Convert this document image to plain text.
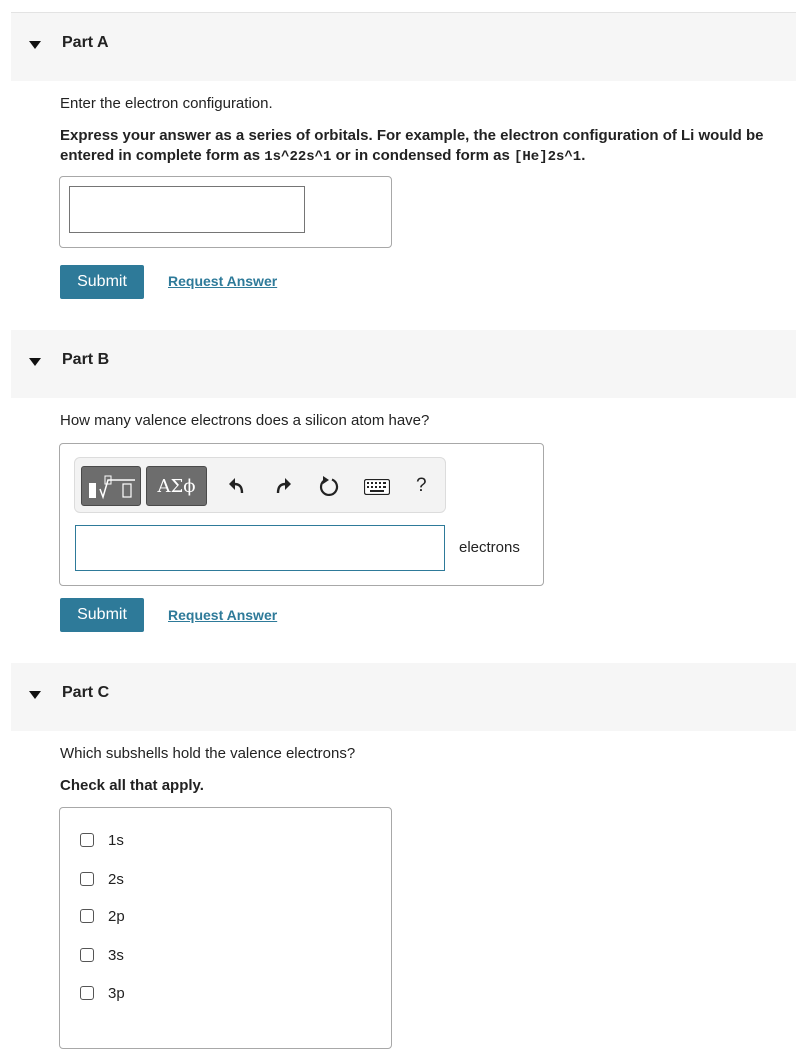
Part A
Enter the electron configuration.
Express your answer as a series of orbitals. For example, the electron configuration of Li would be entered in complete form as 1s^22s^1 or in condensed form as [He]2s^1.
Submit	Request Answer
Part B
How many valence electrons does a silicon atom have?
ΑΣϕ	?
electrons
Submit	Request Answer
Part C
Which subshells hold the valence electrons?
Check all that apply.
1s
2s
2p
3s
3p
